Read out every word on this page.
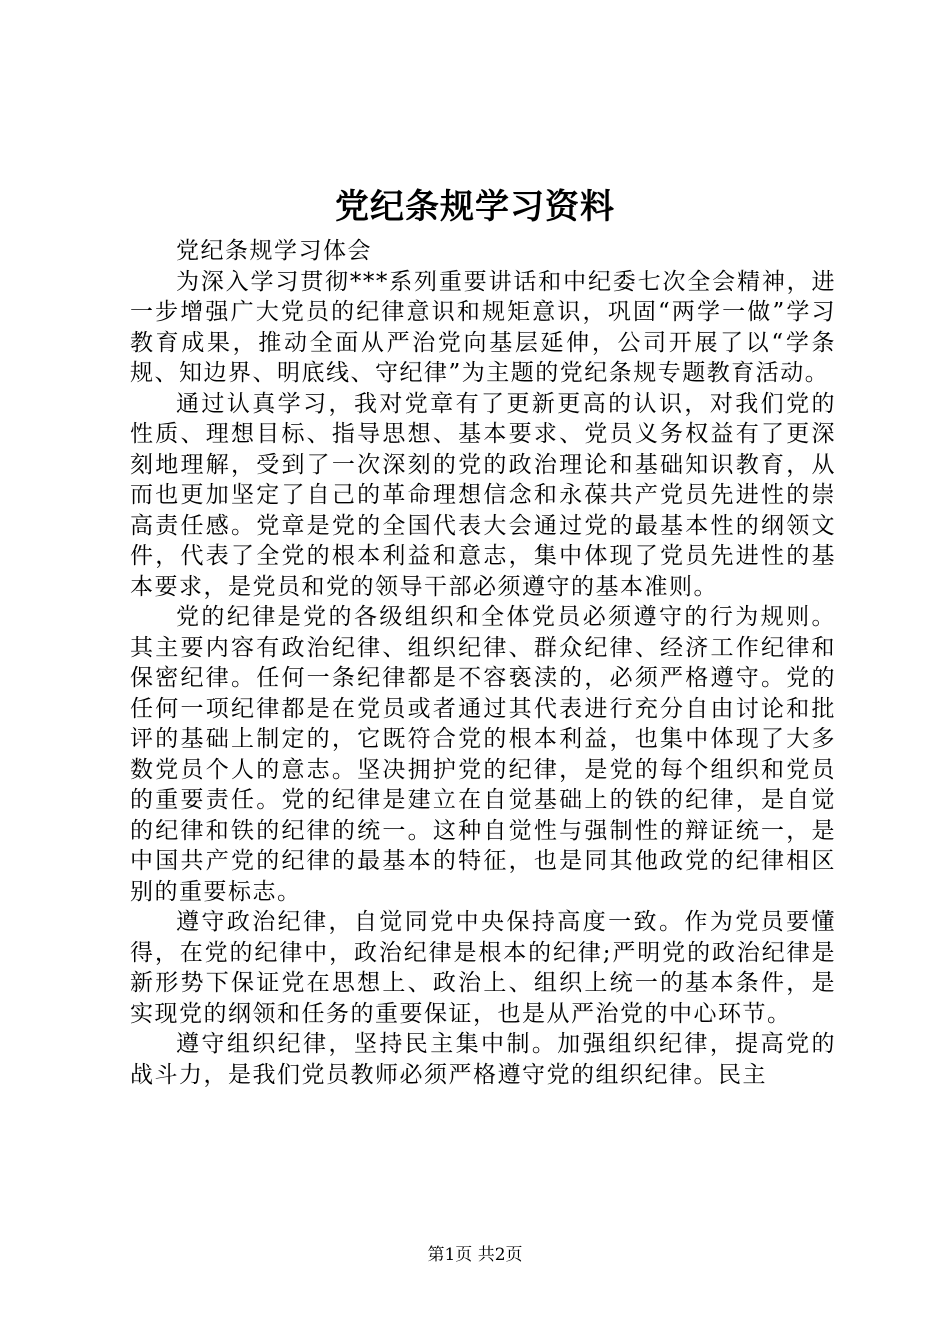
党纪条规学习资料

党纪条规学习体会

为深入学习贯彻***系列重要讲话和中纪委七次全会精神，进一步增强广大党员的纪律意识和规矩意识，巩固“两学一做”学习教育成果，推动全面从严治党向基层延伸，公司开展了以“学条规、知边界、明底线、守纪律”为主题的党纪条规专题教育活动。

通过认真学习，我对党章有了更新更高的认识，对我们党的性质、理想目标、指导思想、基本要求、党员义务权益有了更深刻地理解，受到了一次深刻的党的政治理论和基础知识教育，从而也更加坚定了自己的革命理想信念和永葆共产党员先进性的崇高责任感。党章是党的全国代表大会通过党的最基本性的纲领文件，代表了全党的根本利益和意志，集中体现了党员先进性的基本要求，是党员和党的领导干部必须遵守的基本准则。

党的纪律是党的各级组织和全体党员必须遵守的行为规则。其主要内容有政治纪律、组织纪律、群众纪律、经济工作纪律和保密纪律。任何一条纪律都是不容亵渎的，必须严格遵守。党的任何一项纪律都是在党员或者通过其代表进行充分自由讨论和批评的基础上制定的，它既符合党的根本利益，也集中体现了大多数党员个人的意志。坚决拥护党的纪律，是党的每个组织和党员的重要责任。党的纪律是建立在自觉基础上的铁的纪律，是自觉的纪律和铁的纪律的统一。这种自觉性与强制性的辩证统一，是中国共产党的纪律的最基本的特征，也是同其他政党的纪律相区别的重要标志。

遵守政治纪律，自觉同党中央保持高度一致。作为党员要懂得，在党的纪律中，政治纪律是根本的纪律;严明党的政治纪律是新形势下保证党在思想上、政治上、组织上统一的基本条件，是实现党的纲领和任务的重要保证，也是从严治党的中心环节。

遵守组织纪律，坚持民主集中制。加强组织纪律，提高党的战斗力，是我们党员教师必须严格遵守党的组织纪律。民主

第1页 共2页
